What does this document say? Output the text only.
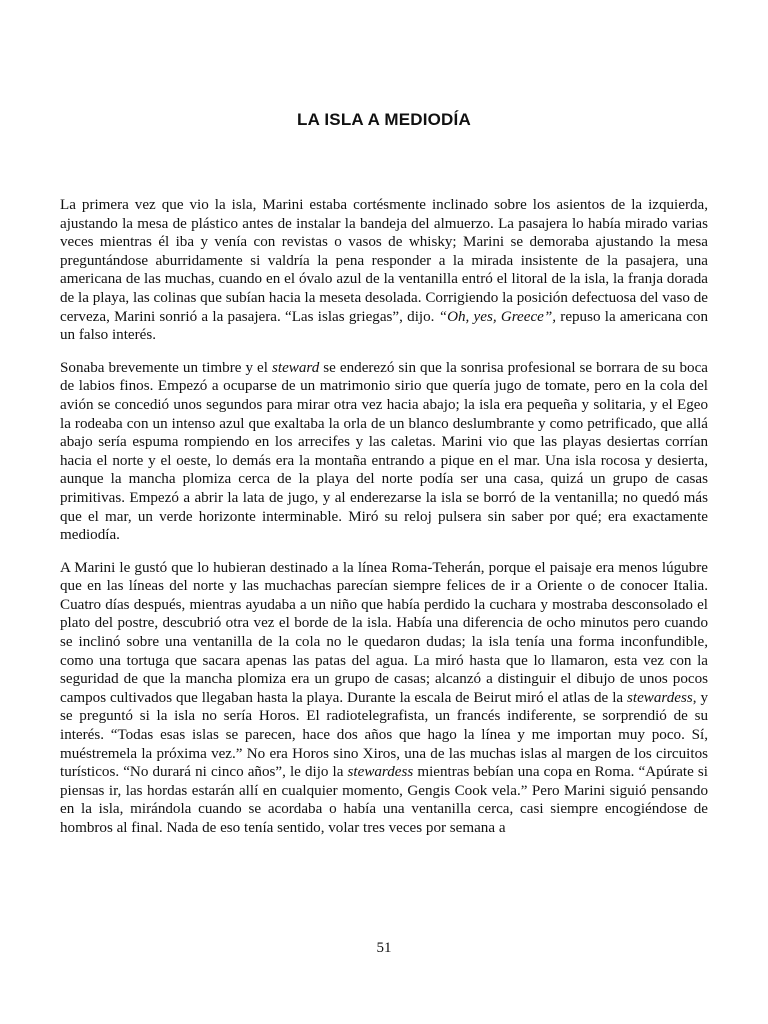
LA ISLA A MEDIODÍA

La primera vez que vio la isla, Marini estaba cortésmente inclinado sobre los asientos de la izquierda, ajustando la mesa de plástico antes de instalar la bandeja del almuerzo. La pasajera lo había mirado varias veces mientras él iba y venía con revistas o vasos de whisky; Marini se demoraba ajustando la mesa preguntándose aburridamente si valdría la pena responder a la mirada insistente de la pasajera, una americana de las muchas, cuando en el óvalo azul de la ventanilla entró el litoral de la isla, la franja dorada de la playa, las colinas que subían hacia la meseta desolada. Corrigiendo la posición defectuosa del vaso de cerveza, Marini sonrió a la pasajera. “Las islas griegas”, dijo. “Oh, yes, Greece”, repuso la americana con un falso interés.

Sonaba brevemente un timbre y el steward se enderezó sin que la sonrisa profesional se borrara de su boca de labios finos. Empezó a ocuparse de un matrimonio sirio que quería jugo de tomate, pero en la cola del avión se concedió unos segundos para mirar otra vez hacia abajo; la isla era pequeña y solitaria, y el Egeo la rodeaba con un intenso azul que exaltaba la orla de un blanco deslumbrante y como petrificado, que allá abajo sería espuma rompiendo en los arrecifes y las caletas. Marini vio que las playas desiertas corrían hacia el norte y el oeste, lo demás era la montaña entrando a pique en el mar. Una isla rocosa y desierta, aunque la mancha plomiza cerca de la playa del norte podía ser una casa, quizá un grupo de casas primitivas. Empezó a abrir la lata de jugo, y al enderezarse la isla se borró de la ventanilla; no quedó más que el mar, un verde horizonte interminable. Miró su reloj pulsera sin saber por qué; era exactamente mediodía.

A Marini le gustó que lo hubieran destinado a la línea Roma-Teherán, porque el paisaje era menos lúgubre que en las líneas del norte y las muchachas parecían siempre felices de ir a Oriente o de conocer Italia. Cuatro días después, mientras ayudaba a un niño que había perdido la cuchara y mostraba desconsolado el plato del postre, descubrió otra vez el borde de la isla. Había una diferencia de ocho minutos pero cuando se inclinó sobre una ventanilla de la cola no le quedaron dudas; la isla tenía una forma inconfundible, como una tortuga que sacara apenas las patas del agua. La miró hasta que lo llamaron, esta vez con la seguridad de que la mancha plomiza era un grupo de casas; alcanzó a distinguir el dibujo de unos pocos campos cultivados que llegaban hasta la playa. Durante la escala de Beirut miró el atlas de la stewardess, y se preguntó si la isla no sería Horos. El radiotelegrafista, un francés indiferente, se sorprendió de su interés. “Todas esas islas se parecen, hace dos años que hago la línea y me importan muy poco. Sí, muéstremela la próxima vez.” No era Horos sino Xiros, una de las muchas islas al margen de los circuitos turísticos. “No durará ni cinco años”, le dijo la stewardess mientras bebían una copa en Roma. “Apúrate si piensas ir, las hordas estarán allí en cualquier momento, Gengis Cook vela.” Pero Marini siguió pensando en la isla, mirándola cuando se acordaba o había una ventanilla cerca, casi siempre encogiéndose de hombros al final. Nada de eso tenía sentido, volar tres veces por semana a

51
